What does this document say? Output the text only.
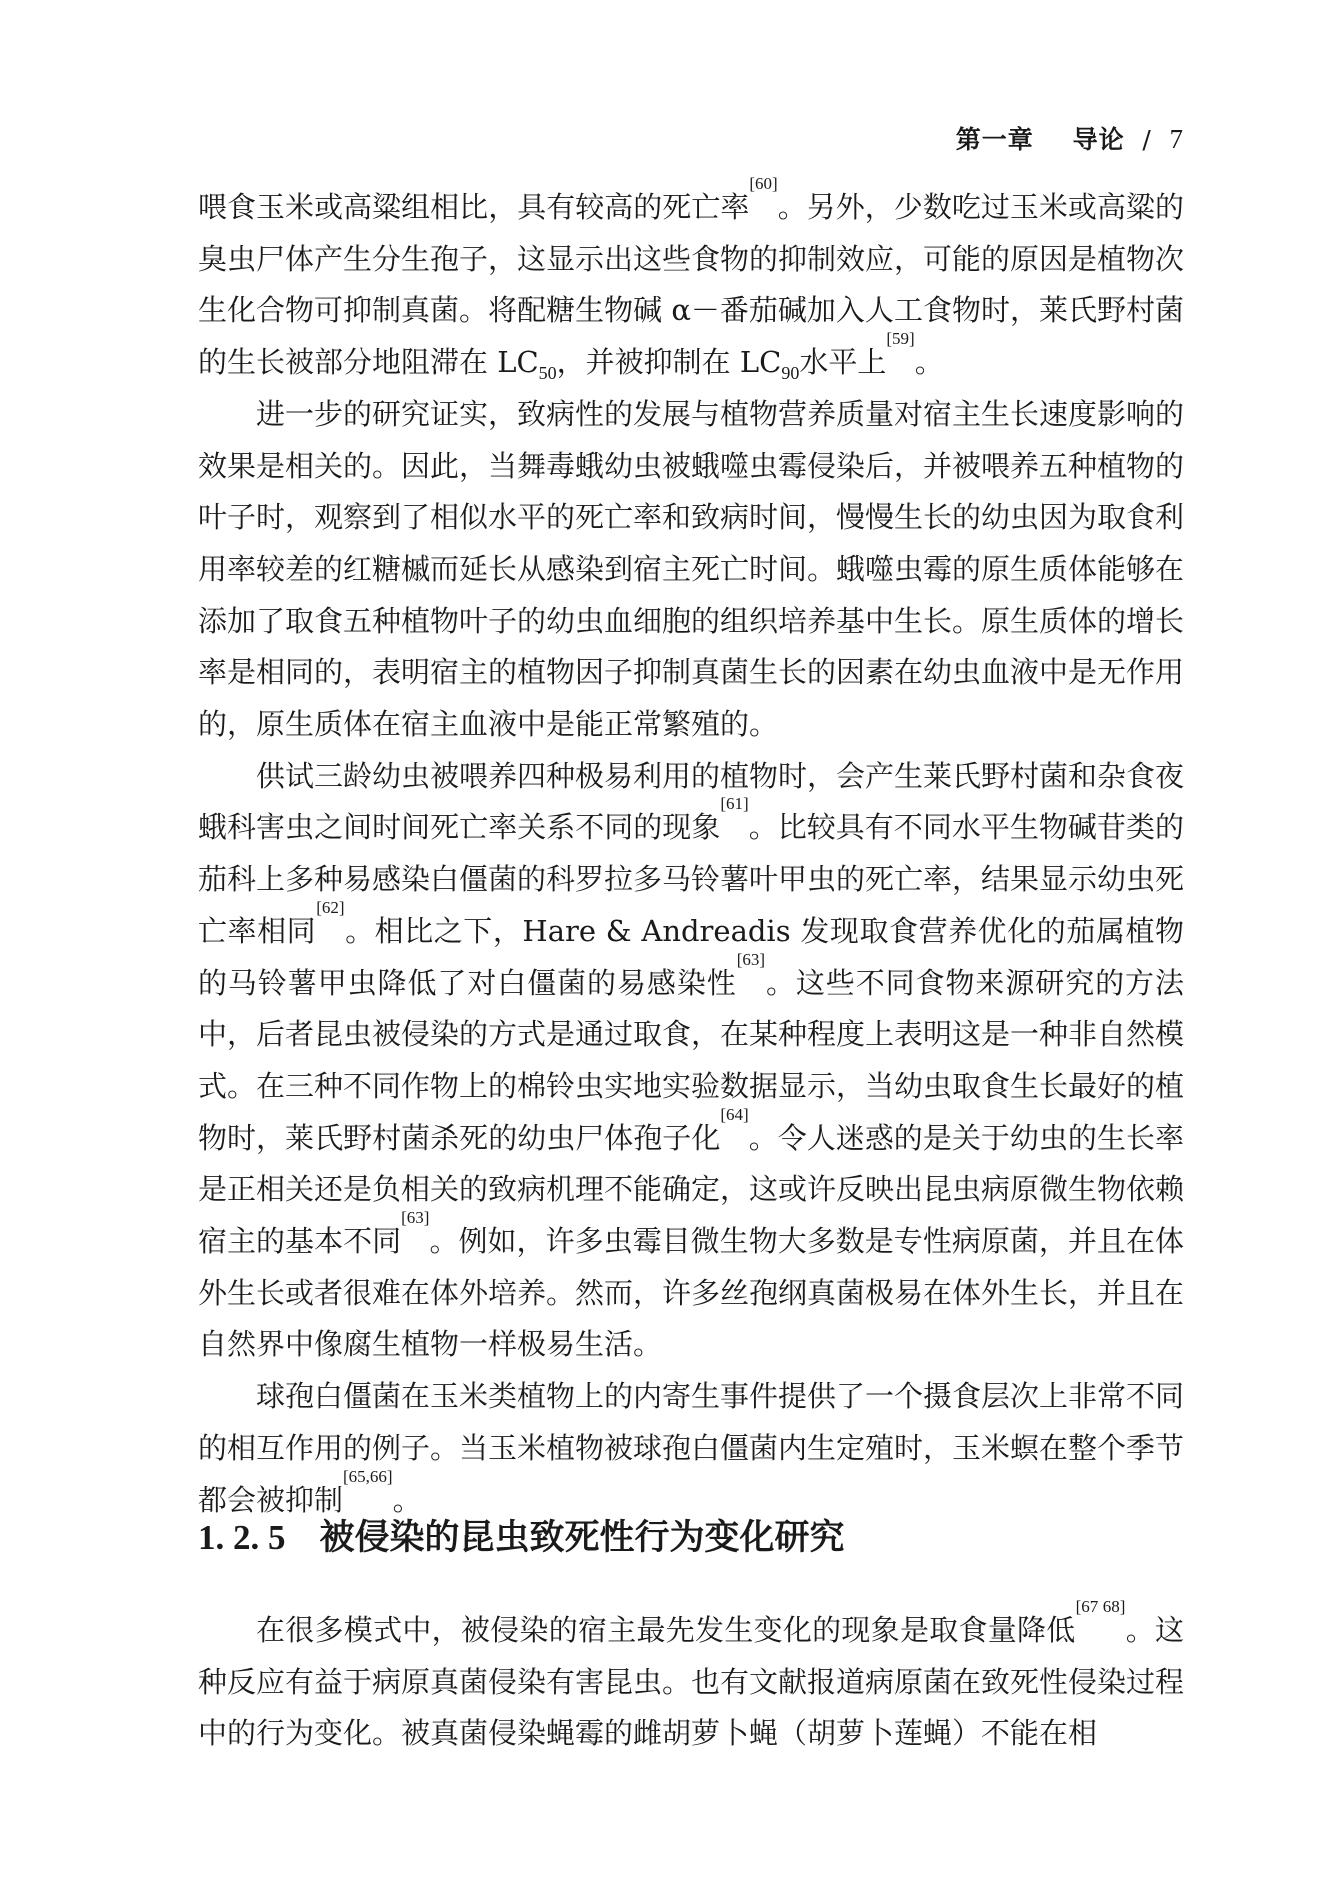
第一章 导论 / 7

喂食玉米或高粱组相比，具有较高的死亡率[60]。另外，少数吃过玉米或高粱的臭虫尸体产生分生孢子，这显示出这些食物的抑制效应，可能的原因是植物次生化合物可抑制真菌。将配糖生物碱 α－番茄碱加入人工食物时，莱氏野村菌的生长被部分地阻滞在 $LC_{50}$，并被抑制在 $LC_{90}$水平上[59]。

进一步的研究证实，致病性的发展与植物营养质量对宿主生长速度影响的效果是相关的。因此，当舞毒蛾幼虫被蛾噬虫霉侵染后，并被喂养五种植物的叶子时，观察到了相似水平的死亡率和致病时间，慢慢生长的幼虫因为取食利用率较差的红糖槭而延长从感染到宿主死亡时间。蛾噬虫霉的原生质体能够在添加了取食五种植物叶子的幼虫血细胞的组织培养基中生长。原生质体的增长率是相同的，表明宿主的植物因子抑制真菌生长的因素在幼虫血液中是无作用的，原生质体在宿主血液中是能正常繁殖的。

供试三龄幼虫被喂养四种极易利用的植物时，会产生莱氏野村菌和杂食夜蛾科害虫之间时间死亡率关系不同的现象[61]。比较具有不同水平生物碱苷类的茄科上多种易感染白僵菌的科罗拉多马铃薯叶甲虫的死亡率，结果显示幼虫死亡率相同[62]。相比之下，Hare & Andreadis 发现取食营养优化的茄属植物的马铃薯甲虫降低了对白僵菌的易感染性[63]。这些不同食物来源研究的方法中，后者昆虫被侵染的方式是通过取食，在某种程度上表明这是一种非自然模式。在三种不同作物上的棉铃虫实地实验数据显示，当幼虫取食生长最好的植物时，莱氏野村菌杀死的幼虫尸体孢子化[64]。令人迷惑的是关于幼虫的生长率是正相关还是负相关的致病机理不能确定，这或许反映出昆虫病原微生物依赖宿主的基本不同[63]。例如，许多虫霉目微生物大多数是专性病原菌，并且在体外生长或者很难在体外培养。然而，许多丝孢纲真菌极易在体外生长，并且在自然界中像腐生植物一样极易生活。

球孢白僵菌在玉米类植物上的内寄生事件提供了一个摄食层次上非常不同的相互作用的例子。当玉米植物被球孢白僵菌内生定殖时，玉米螟在整个季节都会被抑制[65,66]。

1. 2. 5 被侵染的昆虫致死性行为变化研究

在很多模式中，被侵染的宿主最先发生变化的现象是取食量降低[67 68]。这种反应有益于病原真菌侵染有害昆虫。也有文献报道病原菌在致死性侵染过程中的行为变化。被真菌侵染蝇霉的雌胡萝卜蝇（胡萝卜莲蝇）不能在相
